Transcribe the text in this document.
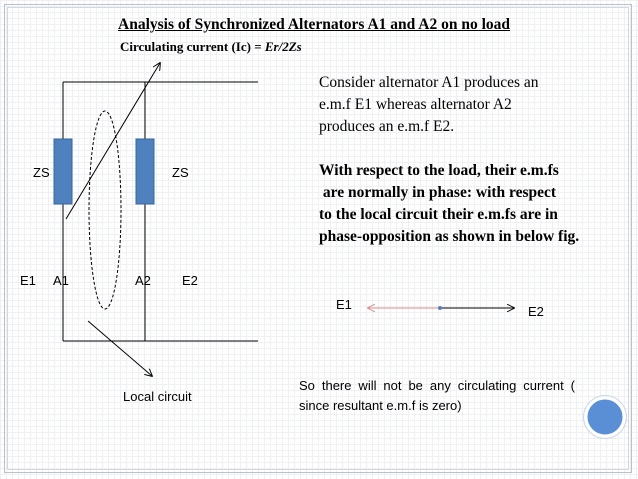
Analysis of Synchronized Alternators A1 and A2 on no load
Circulating current (Ic) = Er/2Zs
Consider alternator A1 produces an
e.m.f E1 whereas alternator A2
produces an e.m.f E2.
With respect to the load, their e.m.fs
are normally in phase: with respect
to the local circuit their e.m.fs are in
phase-opposition as shown in below fig.
ZS	ZS
E1 A1	A2 E2
Local circuit
E1	E2
So there will not be any circulating current ( since resultant e.m.f is zero)
